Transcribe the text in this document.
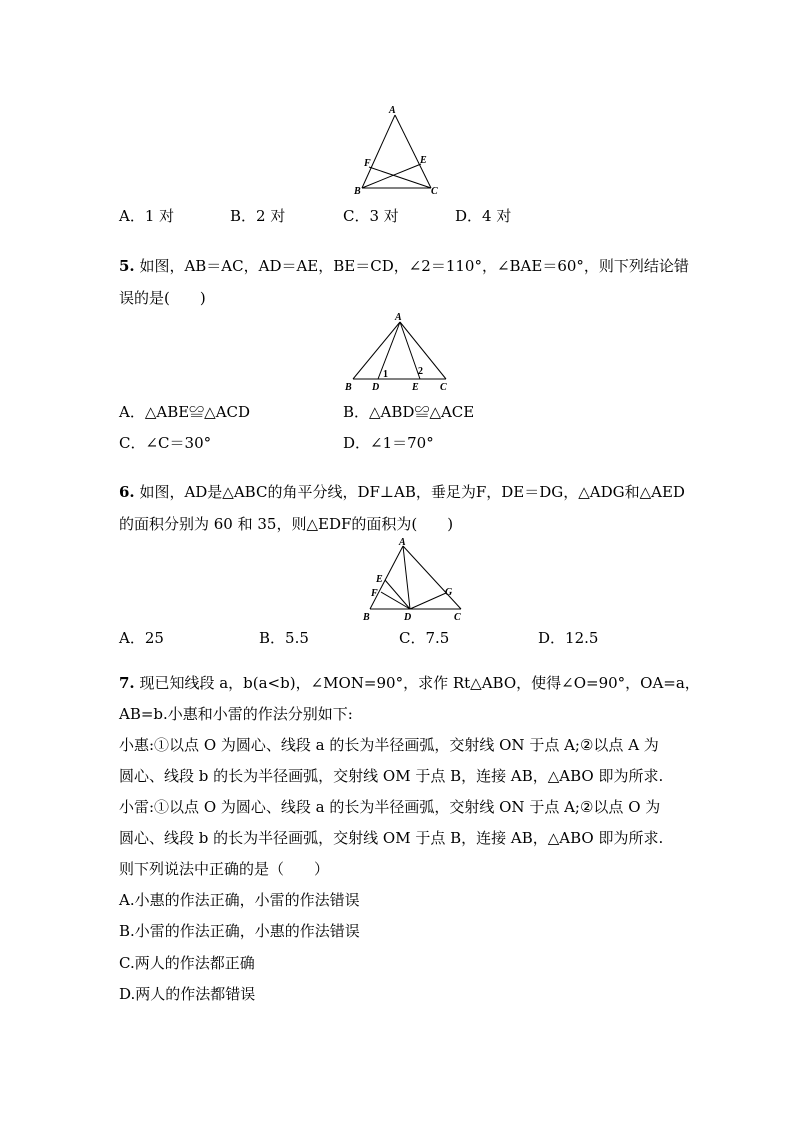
A
F	E
B	C
A．1 对	B．2 对	C．3 对	D．4 对
5. 如图，AB＝AC，AD＝AE，BE＝CD，∠2＝110°，∠BAE＝60°，则下列结论错
误的是(　　)
A
1	2
B D	E C
A．△ABE≌△ACD	B．△ABD≌△ACE
C．∠C＝30°	D．∠1＝70°
6. 如图，AD是△ABC的角平分线，DF⊥AB，垂足为F，DE＝DG，△ADG和△AED
的面积分别为 60 和 35，则△EDF的面积为(　　)
A
E
F	G
B	D	C
A．25	B．5.5	C．7.5	D．12.5
7. 现已知线段 a，b(a<b)，∠MON=90°，求作 Rt△ABO，使得∠O=90°，OA=a，
AB=b.小惠和小雷的作法分别如下:
小惠:①以点 O 为圆心、线段 a 的长为半径画弧，交射线 ON 于点 A;②以点 A 为
圆心、线段 b 的长为半径画弧，交射线 OM 于点 B，连接 AB，△ABO 即为所求.
小雷:①以点 O 为圆心、线段 a 的长为半径画弧，交射线 ON 于点 A;②以点 O 为
圆心、线段 b 的长为半径画弧，交射线 OM 于点 B，连接 AB，△ABO 即为所求.
则下列说法中正确的是（　　）
A.小惠的作法正确，小雷的作法错误
B.小雷的作法正确，小惠的作法错误
C.两人的作法都正确
D.两人的作法都错误
